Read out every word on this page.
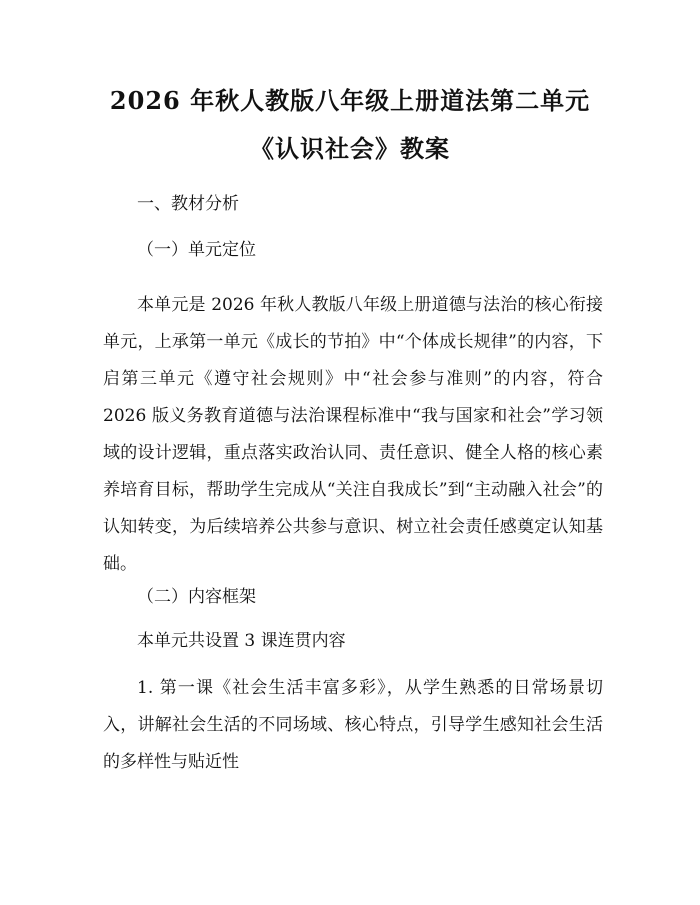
2026 年秋人教版八年级上册道法第二单元
《认识社会》教案
一、教材分析
（一）单元定位
本单元是 2026 年秋人教版八年级上册道德与法治的核心衔接单元，上承第一单元《成长的节拍》中“个体成长规律”的内容，下启第三单元《遵守社会规则》中“社会参与准则”的内容，符合 2026 版义务教育道德与法治课程标准中“我与国家和社会”学习领域的设计逻辑，重点落实政治认同、责任意识、健全人格的核心素养培育目标，帮助学生完成从“关注自我成长”到“主动融入社会”的认知转变，为后续培养公共参与意识、树立社会责任感奠定认知基础。
（二）内容框架
本单元共设置 3 课连贯内容
1. 第一课《社会生活丰富多彩》，从学生熟悉的日常场景切入，讲解社会生活的不同场域、核心特点，引导学生感知社会生活的多样性与贴近性
